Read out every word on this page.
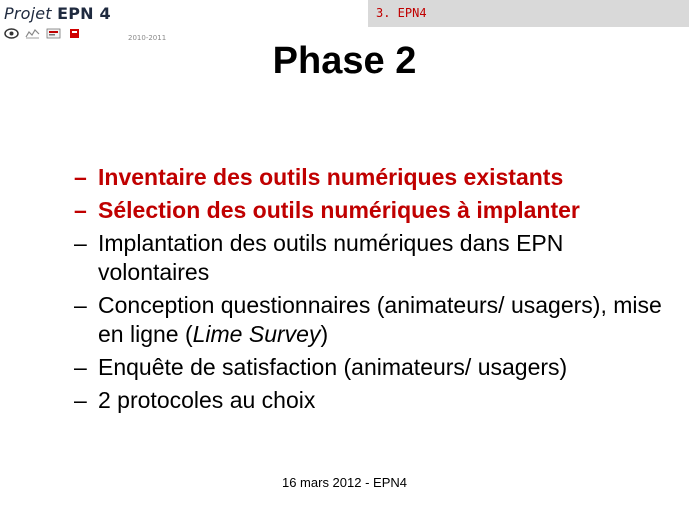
Projet EPN 4
2010-2011
3. EPN4
Phase 2
– Inventaire des outils numériques existants
– Sélection des outils numériques à implanter
– Implantation des outils numériques dans EPN volontaires
– Conception questionnaires (animateurs/ usagers), mise en ligne (Lime Survey)
– Enquête de satisfaction (animateurs/ usagers)
– 2 protocoles au choix
16 mars 2012 - EPN4
